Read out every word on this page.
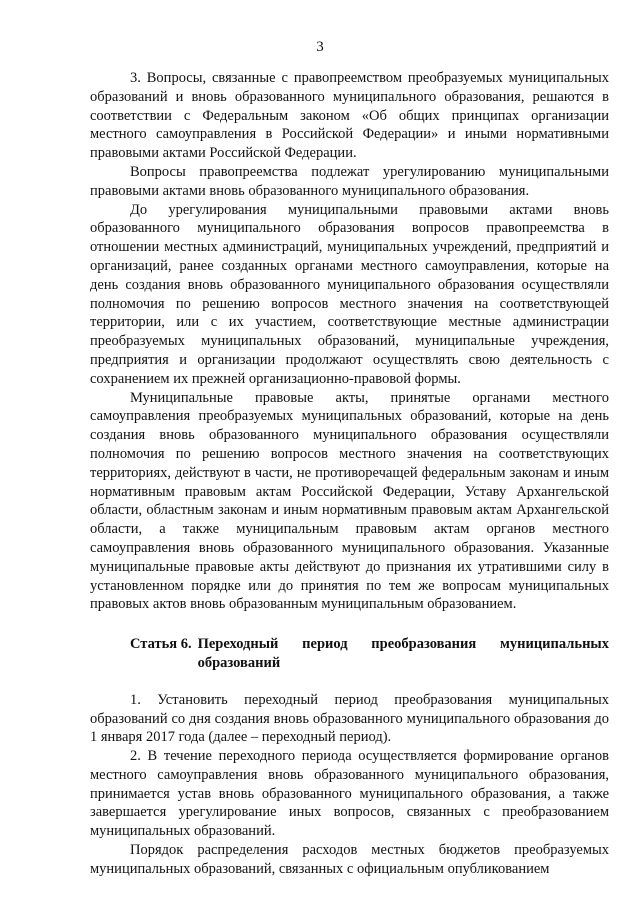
3

3. Вопросы, связанные с правопреемством преобразуемых муниципальных образований и вновь образованного муниципального образования, решаются в соответствии с Федеральным законом «Об общих принципах организации местного самоуправления в Российской Федерации» и иными нормативными правовыми актами Российской Федерации.

Вопросы правопреемства подлежат урегулированию муниципальными правовыми актами вновь образованного муниципального образования.

До урегулирования муниципальными правовыми актами вновь образованного муниципального образования вопросов правопреемства в отношении местных администраций, муниципальных учреждений, предприятий и организаций, ранее созданных органами местного самоуправления, которые на день создания вновь образованного муниципального образования осуществляли полномочия по решению вопросов местного значения на соответствующей территории, или с их участием, соответствующие местные администрации преобразуемых муниципальных образований, муниципальные учреждения, предприятия и организации продолжают осуществлять свою деятельность с сохранением их прежней организационно-правовой формы.

Муниципальные правовые акты, принятые органами местного самоуправления преобразуемых муниципальных образований, которые на день создания вновь образованного муниципального образования осуществляли полномочия по решению вопросов местного значения на соответствующих территориях, действуют в части, не противоречащей федеральным законам и иным нормативным правовым актам Российской Федерации, Уставу Архангельской области, областным законам и иным нормативным правовым актам Архангельской области, а также муниципальным правовым актам органов местного самоуправления вновь образованного муниципального образования. Указанные муниципальные правовые акты действуют до признания их утратившими силу в установленном порядке или до принятия по тем же вопросам муниципальных правовых актов вновь образованным муниципальным образованием.

Статья 6. Переходный период преобразования муниципальных образований

1. Установить переходный период преобразования муниципальных образований со дня создания вновь образованного муниципального образования до 1 января 2017 года (далее – переходный период).

2. В течение переходного периода осуществляется формирование органов местного самоуправления вновь образованного муниципального образования, принимается устав вновь образованного муниципального образования, а также завершается урегулирование иных вопросов, связанных с преобразованием муниципальных образований.

Порядок распределения расходов местных бюджетов преобразуемых муниципальных образований, связанных с официальным опубликованием
